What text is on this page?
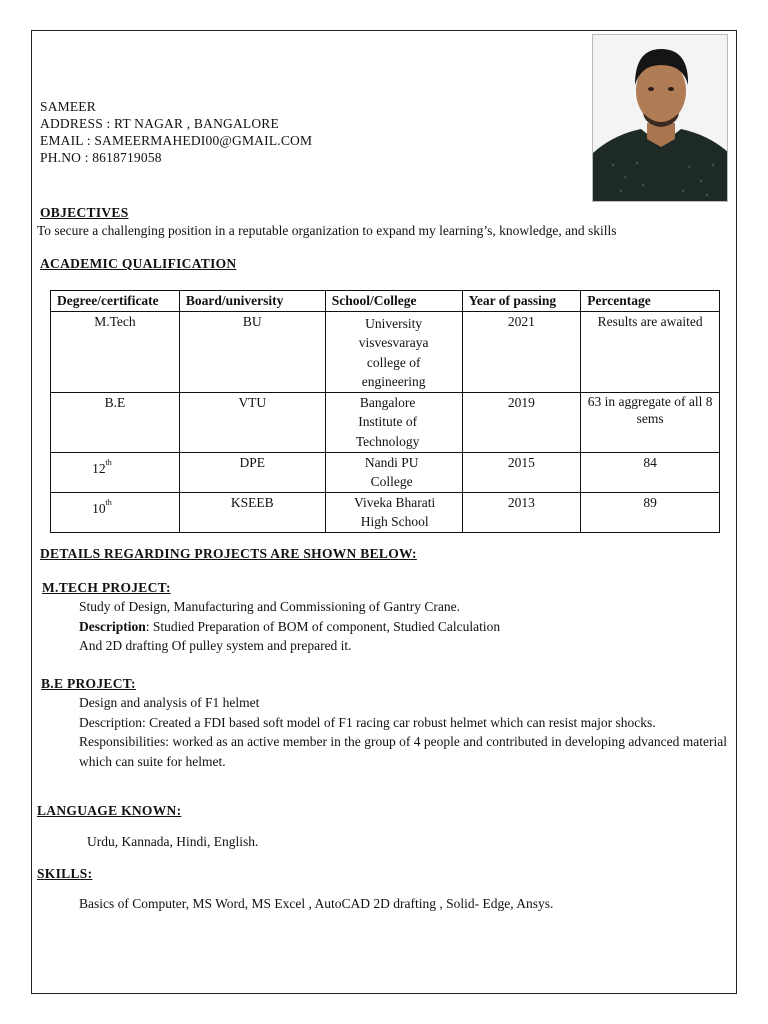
SAMEER
ADDRESS : RT NAGAR , BANGALORE
EMAIL : SAMEERMAHEDI00@GMAIL.COM
PH.NO : 8618719058
OBJECTIVES
To secure a challenging position in a reputable organization to expand my learning’s, knowledge, and skills
ACADEMIC QUALIFICATION
Degree/certificate	Board/university	School/College	Year of passing	Percentage
M.Tech	BU	University visvesvaraya college of engineering	2021	Results are awaited
B.E	VTU	Bangalore Institute of Technology	2019	63 in aggregate of all 8 sems
12th	DPE	Nandi PU College	2015	84
10th	KSEEB	Viveka Bharati High School	2013	89
DETAILS REGARDING PROJECTS ARE SHOWN BELOW:
M.TECH PROJECT:
Study of Design, Manufacturing and Commissioning of Gantry Crane.
Description: Studied Preparation of BOM of component, Studied Calculation
And 2D drafting Of pulley system and prepared it.
B.E PROJECT:
Design and analysis of F1 helmet
Description: Created a FDI based soft model of F1 racing car robust helmet which can resist major shocks.
Responsibilities: worked as an active member in the group of 4 people and contributed in developing advanced material which can suite for helmet.
LANGUAGE KNOWN:
Urdu, Kannada, Hindi, English.
SKILLS:
Basics of Computer, MS Word, MS Excel , AutoCAD 2D drafting , Solid- Edge, Ansys.
